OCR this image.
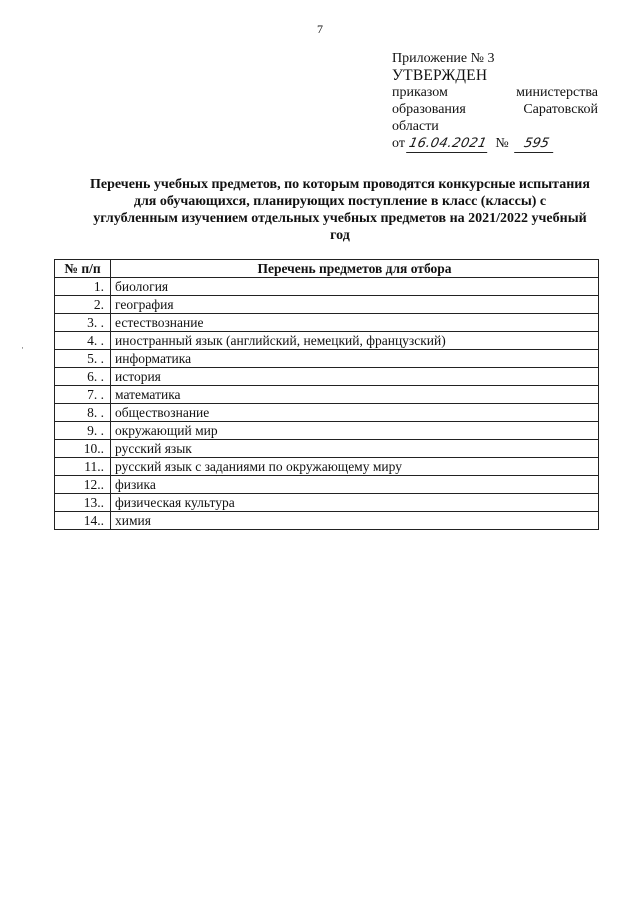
7
Приложение № 3
УТВЕРЖДЕН
приказом министерства
образования Саратовской
области
от 16.04.2021 № 595
Перечень учебных предметов, по которым проводятся конкурсные испытания для обучающихся, планирующих поступление в класс (классы) с углубленным изучением отдельных учебных предметов на 2021/2022 учебный год
·
№ п/п	Перечень предметов для отбора
1.	биология
2.	география
3. .	естествознание
4. .	иностранный язык (английский, немецкий, французский)
5. .	информатика
6. .	история
7. .	математика
8. .	обществознание
9. .	окружающий мир
10..	русский язык
11..	русский язык с заданиями по окружающему миру
12..	физика
13..	физическая культура
14..	химия
